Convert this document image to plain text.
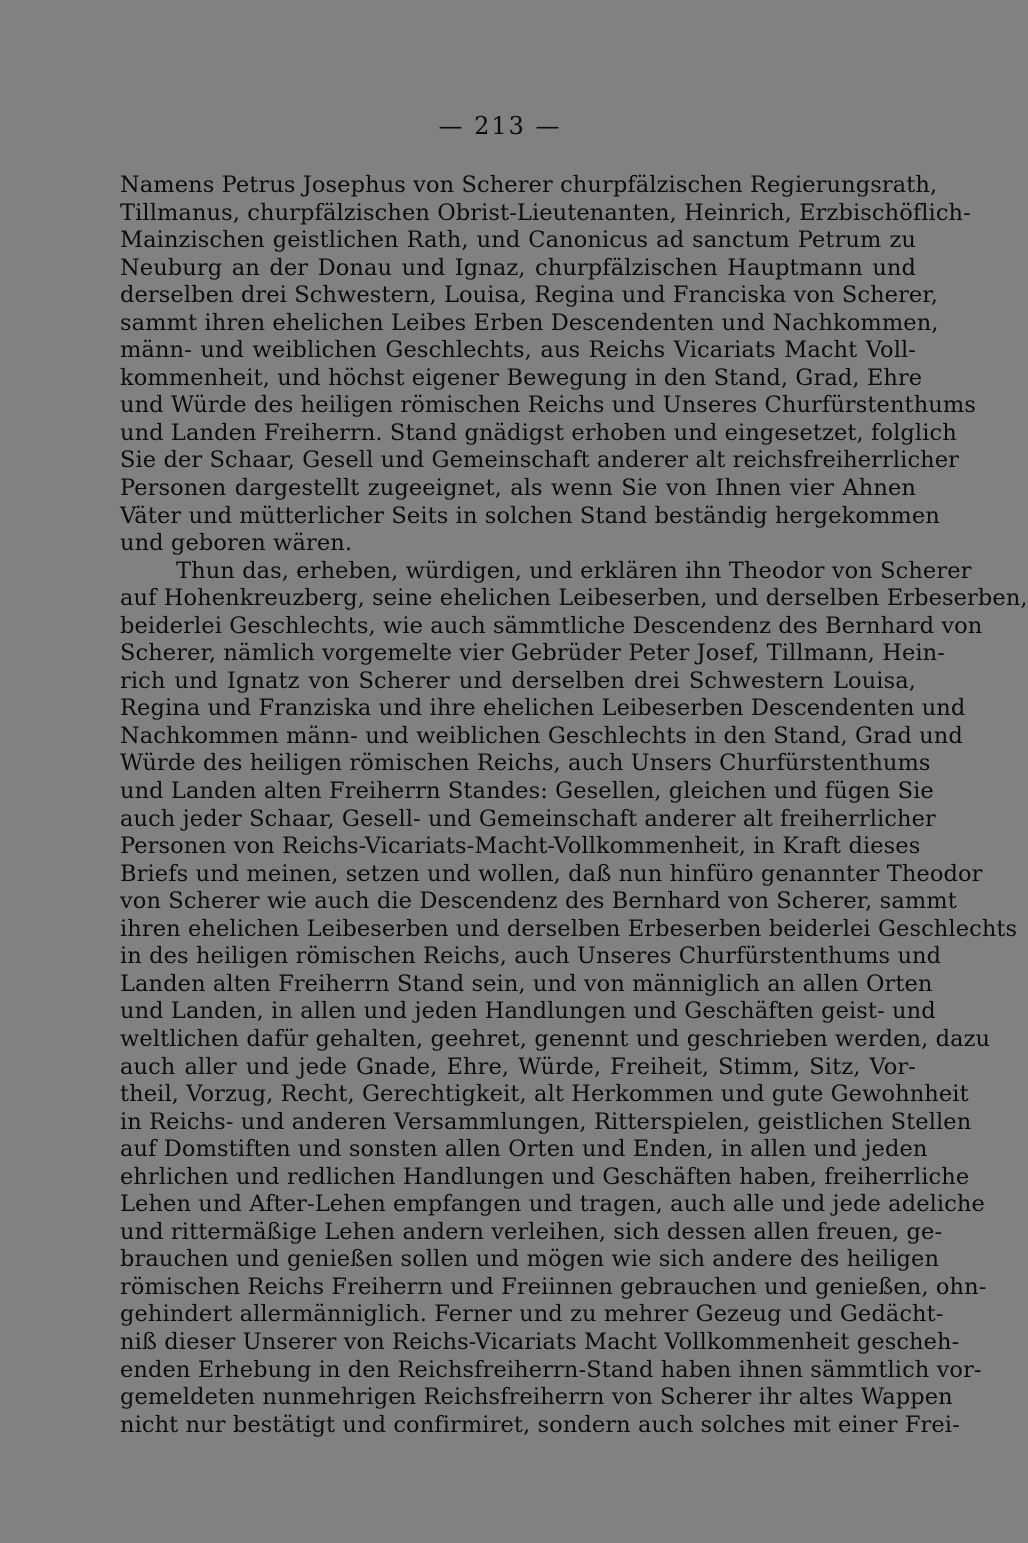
— 213 —
Namens Petrus Josephus von Scherer churpfälzischen Regierungsrath,
Tillmanus, churpfälzischen Obrist-Lieutenanten, Heinrich, Erzbischöflich-
Mainzischen geistlichen Rath, und Canonicus ad sanctum Petrum zu
Neuburg an der Donau und Ignaz, churpfälzischen Hauptmann und
derselben drei Schwestern, Louisa, Regina und Franciska von Scherer,
sammt ihren ehelichen Leibes Erben Descendenten und Nachkommen,
männ- und weiblichen Geschlechts, aus Reichs Vicariats Macht Voll-
kommenheit, und höchst eigener Bewegung in den Stand, Grad, Ehre
und Würde des heiligen römischen Reichs und Unseres Churfürstenthums
und Landen Freiherrn. Stand gnädigst erhoben und eingesetzet, folglich
Sie der Schaar, Gesell und Gemeinschaft anderer alt reichsfreiherrlicher
Personen dargestellt zugeeignet, als wenn Sie von Ihnen vier Ahnen
Väter und mütterlicher Seits in solchen Stand beständig hergekommen
und geboren wären.
Thun das, erheben, würdigen, und erklären ihn Theodor von Scherer
auf Hohenkreuzberg, seine ehelichen Leibeserben, und derselben Erbeserben,
beiderlei Geschlechts, wie auch sämmtliche Descendenz des Bernhard von
Scherer, nämlich vorgemelte vier Gebrüder Peter Josef, Tillmann, Hein-
rich und Ignatz von Scherer und derselben drei Schwestern Louisa,
Regina und Franziska und ihre ehelichen Leibeserben Descendenten und
Nachkommen männ- und weiblichen Geschlechts in den Stand, Grad und
Würde des heiligen römischen Reichs, auch Unsers Churfürstenthums
und Landen alten Freiherrn Standes: Gesellen, gleichen und fügen Sie
auch jeder Schaar, Gesell- und Gemeinschaft anderer alt freiherrlicher
Personen von Reichs-Vicariats-Macht-Vollkommenheit, in Kraft dieses
Briefs und meinen, setzen und wollen, daß nun hinfüro genannter Theodor
von Scherer wie auch die Descendenz des Bernhard von Scherer, sammt
ihren ehelichen Leibeserben und derselben Erbeserben beiderlei Geschlechts
in des heiligen römischen Reichs, auch Unseres Churfürstenthums und
Landen alten Freiherrn Stand sein, und von männiglich an allen Orten
und Landen, in allen und jeden Handlungen und Geschäften geist- und
weltlichen dafür gehalten, geehret, genennt und geschrieben werden, dazu
auch aller und jede Gnade, Ehre, Würde, Freiheit, Stimm, Sitz, Vor-
theil, Vorzug, Recht, Gerechtigkeit, alt Herkommen und gute Gewohnheit
in Reichs- und anderen Versammlungen, Ritterspielen, geistlichen Stellen
auf Domstiften und sonsten allen Orten und Enden, in allen und jeden
ehrlichen und redlichen Handlungen und Geschäften haben, freiherrliche
Lehen und After-Lehen empfangen und tragen, auch alle und jede adeliche
und rittermäßige Lehen andern verleihen, sich dessen allen freuen, ge-
brauchen und genießen sollen und mögen wie sich andere des heiligen
römischen Reichs Freiherrn und Freiinnen gebrauchen und genießen, ohn-
gehindert allermänniglich. Ferner und zu mehrer Gezeug und Gedächt-
niß dieser Unserer von Reichs-Vicariats Macht Vollkommenheit gescheh-
enden Erhebung in den Reichsfreiherrn-Stand haben ihnen sämmtlich vor-
gemeldeten nunmehrigen Reichsfreiherrn von Scherer ihr altes Wappen
nicht nur bestätigt und confirmiret, sondern auch solches mit einer Frei-
